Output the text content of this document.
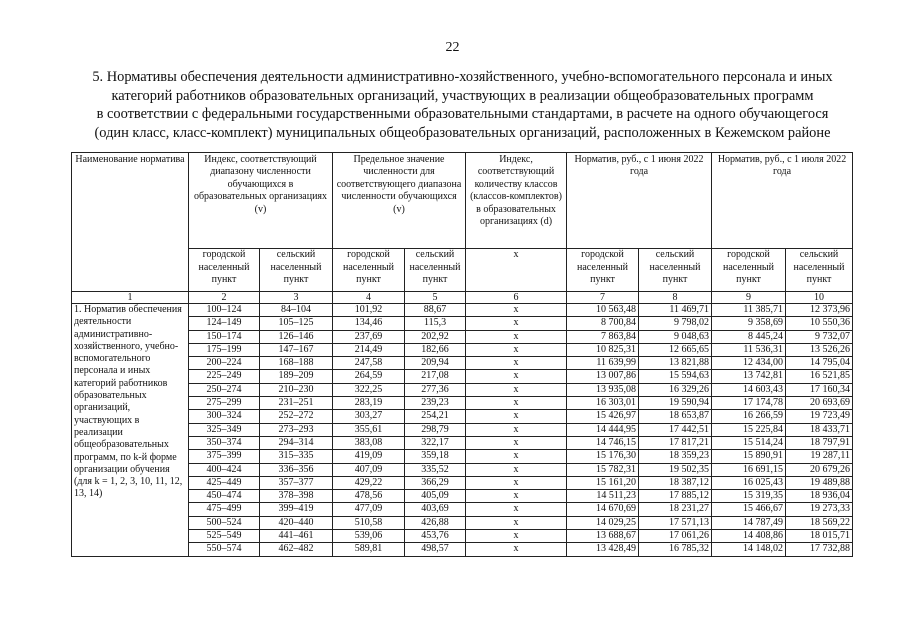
22
5. Нормативы обеспечения деятельности административно-хозяйственного, учебно-вспомогательного персонала и иных
категорий работников образовательных организаций, участвующих в реализации общеобразовательных программ
в соответствии с федеральными государственными образовательными стандартами, в расчете на одного обучающегося
(один класс, класс-комплект) муниципальных общеобразовательных организаций, расположенных в Кежемском районе
Наименование норматива	Индекс, соответствующий диапазону численности обучающихся в образовательных организациях (v)		Предельное значение численности для соответствующего диапазона численности обучающихся (v)		Индекс, соответствующий количеству классов (классов-комплектов) в образовательных организациях (d)	Норматив, руб., с 1 июня 2022 года		Норматив, руб., с 1 июля 2022 года	
	городской населенный пункт	сельский населенный пункт	городской населенный пункт	сельский населенный пункт	x	городской населенный пункт	сельский населенный пункт	городской населенный пункт	сельский населенный пункт
1	2	3	4	5	6	7	8	9	10
1. Норматив обеспечения деятельности административно-хозяйственного, учебно-вспомогательного персонала и иных категорий работников образовательных организаций, участвующих в реализации общеобразовательных программ, по k-й форме организации обучения (для k = 1, 2, 3, 10, 11, 12, 13, 14)	100–124	84–104	101,92	88,67	x	10 563,48	11 469,71	11 385,71	12 373,96
	124–149	105–125	134,46	115,3	x	8 700,84	9 798,02	9 358,69	10 550,36
	150–174	126–146	237,69	202,92	x	7 863,84	9 048,63	8 445,24	9 732,07
	175–199	147–167	214,49	182,66	x	10 825,31	12 665,65	11 536,31	13 526,26
	200–224	168–188	247,58	209,94	x	11 639,99	13 821,88	12 434,00	14 795,04
	225–249	189–209	264,59	217,08	x	13 007,86	15 594,63	13 742,81	16 521,85
	250–274	210–230	322,25	277,36	x	13 935,08	16 329,26	14 603,43	17 160,34
	275–299	231–251	283,19	239,23	x	16 303,01	19 590,94	17 174,78	20 693,69
	300–324	252–272	303,27	254,21	x	15 426,97	18 653,87	16 266,59	19 723,49
	325–349	273–293	355,61	298,79	x	14 444,95	17 442,51	15 225,84	18 433,71
	350–374	294–314	383,08	322,17	x	14 746,15	17 817,21	15 514,24	18 797,91
	375–399	315–335	419,09	359,18	x	15 176,30	18 359,23	15 890,91	19 287,11
	400–424	336–356	407,09	335,52	x	15 782,31	19 502,35	16 691,15	20 679,26
	425–449	357–377	429,22	366,29	x	15 161,20	18 387,12	16 025,43	19 489,88
	450–474	378–398	478,56	405,09	x	14 511,23	17 885,12	15 319,35	18 936,04
	475–499	399–419	477,09	403,69	x	14 670,69	18 231,27	15 466,67	19 273,33
	500–524	420–440	510,58	426,88	x	14 029,25	17 571,13	14 787,49	18 569,22
	525–549	441–461	539,06	453,76	x	13 688,67	17 061,26	14 408,86	18 015,71
	550–574	462–482	589,81	498,57	x	13 428,49	16 785,32	14 148,02	17 732,88
